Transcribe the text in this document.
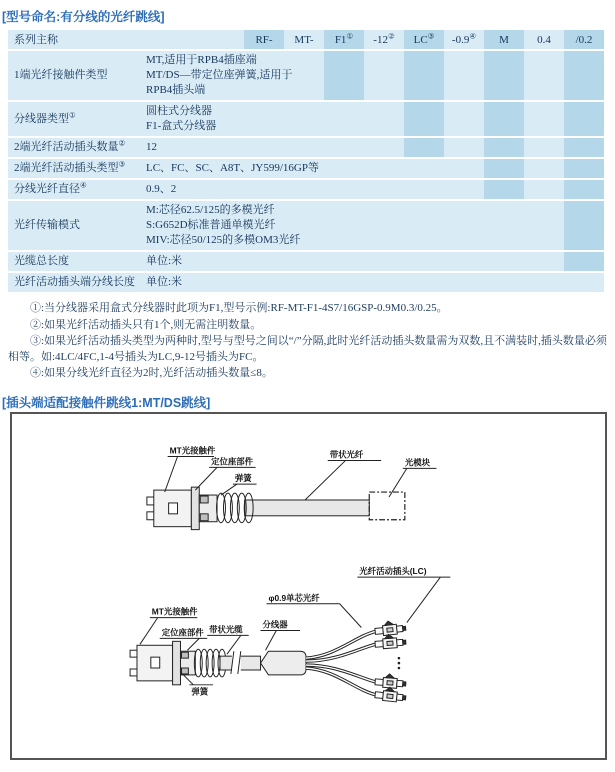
[型号命名:有分线的光纤跳线]
系列主称	RF-	MT-	F1①	-12②	LC③	-0.9④	M	0.4	/0.2
1端光纤接触件类型
MT,适用于RPB4插座端
MT/DS—带定位座弹簧,适用于
RPB4插头端
分线器类型①	圆柱式分线器
F1-盒式分线器
2端光纤活动插头数量② 12
2端光纤活动插头类型③ LC、FC、SC、A8T、JY599/16GP等
分线光纤直径④	0.9、2
光纤传输模式
M:芯径62.5/125的多模光纤
S:G652D标准普通单模光纤
MIV:芯径50/125的多模OM3光纤
光缆总长度	单位:米
光纤活动插头端分线长度 单位:米

①:当分线器采用盒式分线器时此项为F1,型号示例:RF-MT-F1-4S7/16GSP-0.9M0.3/0.25。

②:如果光纤活动插头只有1个,则无需注明数量。

③:如果光纤活动插头类型为两种时,型号与型号之间以“/”分隔,此时光纤活动插头数量需为双数,且不满装时,插头数量必须相等。如:4LC/4FC,1-4号插头为LC,9-12号插头为FC。

④:如果分线光纤直径为2时,光纤活动插头数量≤8。

[插头端适配接触件跳线1:MT/DS跳线]
MT光接触件
定位座部件
弹簧
带状光纤
光模块
MT光接触件
定位座部件 带状光缆 分线器
φ0.9单芯光纤
光纤活动插头(LC)
弹簧
